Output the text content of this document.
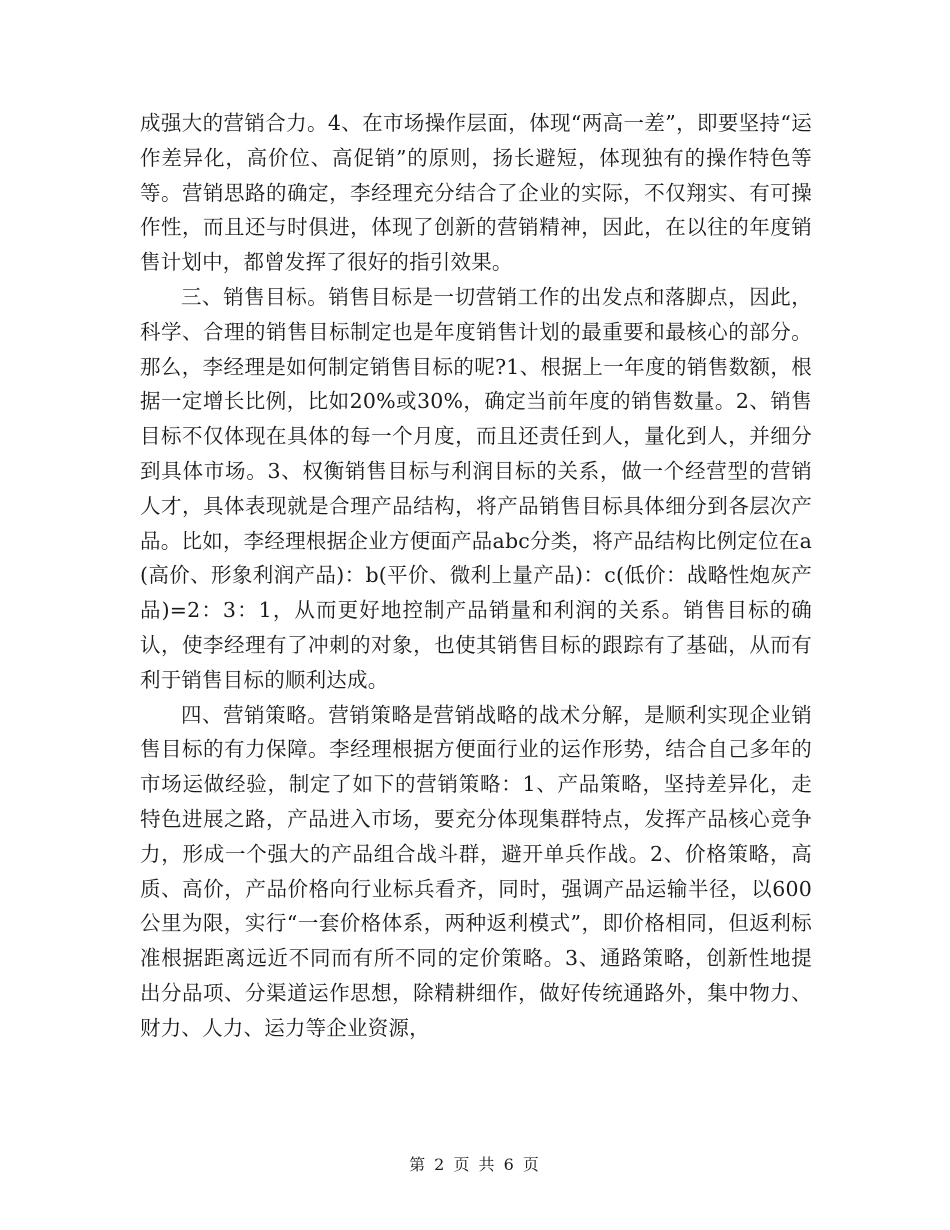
成强大的营销合力。4、在市场操作层面，体现“两高一差”，即要坚持“运作差异化，高价位、高促销”的原则，扬长避短，体现独有的操作特色等等。营销思路的确定，李经理充分结合了企业的实际，不仅翔实、有可操作性，而且还与时俱进，体现了创新的营销精神，因此，在以往的年度销售计划中，都曾发挥了很好的指引效果。

三、销售目标。销售目标是一切营销工作的出发点和落脚点，因此，科学、合理的销售目标制定也是年度销售计划的最重要和最核心的部分。那么，李经理是如何制定销售目标的呢?1、根据上一年度的销售数额，根据一定增长比例，比如20%或30%，确定当前年度的销售数量。2、销售目标不仅体现在具体的每一个月度，而且还责任到人，量化到人，并细分到具体市场。3、权衡销售目标与利润目标的关系，做一个经营型的营销人才，具体表现就是合理产品结构，将产品销售目标具体细分到各层次产品。比如，李经理根据企业方便面产品abc分类，将产品结构比例定位在a(高价、形象利润产品)：b(平价、微利上量产品)：c(低价：战略性炮灰产品)=2：3：1，从而更好地控制产品销量和利润的关系。销售目标的确认，使李经理有了冲刺的对象，也使其销售目标的跟踪有了基础，从而有利于销售目标的顺利达成。

四、营销策略。营销策略是营销战略的战术分解，是顺利实现企业销售目标的有力保障。李经理根据方便面行业的运作形势，结合自己多年的市场运做经验，制定了如下的营销策略：1、产品策略，坚持差异化，走特色进展之路，产品进入市场，要充分体现集群特点，发挥产品核心竞争力，形成一个强大的产品组合战斗群，避开单兵作战。2、价格策略，高质、高价，产品价格向行业标兵看齐，同时，强调产品运输半径，以600公里为限，实行“一套价格体系，两种返利模式”，即价格相同，但返利标准根据距离远近不同而有所不同的定价策略。3、通路策略，创新性地提出分品项、分渠道运作思想，除精耕细作，做好传统通路外，集中物力、财力、人力、运力等企业资源，

第 2 页 共 6 页
